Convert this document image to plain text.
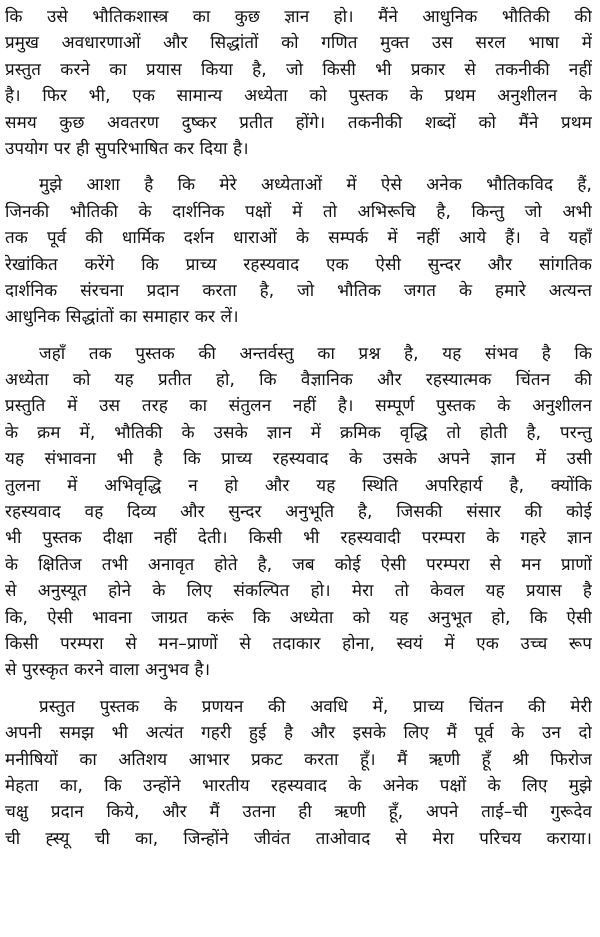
कि उसे भौतिकशास्त्र का कुछ ज्ञान हो। मैंने आधुनिक भौतिकी की
प्रमुख अवधारणाओं और सिद्धांतों को गणित मुक्त उस सरल भाषा में
प्रस्तुत करने का प्रयास किया है, जो किसी भी प्रकार से तकनीकी नहीं
है। फिर भी, एक सामान्य अध्येता को पुस्तक के प्रथम अनुशीलन के
समय कुछ अवतरण दुष्कर प्रतीत होंगे। तकनीकी शब्दों को मैंने प्रथम
उपयोग पर ही सुपरिभाषित कर दिया है।
मुझे आशा है कि मेरे अध्येताओं में ऐसे अनेक भौतिकविद हैं,
जिनकी भौतिकी के दार्शनिक पक्षों में तो अभिरूचि है, किन्तु जो अभी
तक पूर्व की धार्मिक दर्शन धाराओं के सम्पर्क में नहीं आये हैं। वे यहाँ
रेखांकित करेंगे कि प्राच्य रहस्यवाद एक ऐसी सुन्दर और सांगतिक
दार्शनिक संरचना प्रदान करता है, जो भौतिक जगत के हमारे अत्यन्त
आधुनिक सिद्धांतों का समाहार कर लें।
जहाँ तक पुस्तक की अन्तर्वस्तु का प्रश्न है, यह संभव है कि
अध्येता को यह प्रतीत हो, कि वैज्ञानिक और रहस्यात्मक चिंतन की
प्रस्तुति में उस तरह का संतुलन नहीं है। सम्पूर्ण पुस्तक के अनुशीलन
के क्रम में, भौतिकी के उसके ज्ञान में क्रमिक वृद्धि तो होती है, परन्तु
यह संभावना भी है कि प्राच्य रहस्यवाद के उसके अपने ज्ञान में उसी
तुलना में अभिवृद्धि न हो और यह स्थिति अपरिहार्य है, क्योंकि
रहस्यवाद वह दिव्य और सुन्दर अनुभूति है, जिसकी संसार की कोई
भी पुस्तक दीक्षा नहीं देती। किसी भी रहस्यवादी परम्परा के गहरे ज्ञान
के क्षितिज तभी अनावृत होते है, जब कोई ऐसी परम्परा से मन प्राणों
से अनुस्यूत होने के लिए संकल्पित हो। मेरा तो केवल यह प्रयास है
कि, ऐसी भावना जाग्रत करूं कि अध्येता को यह अनुभूत हो, कि ऐसी
किसी परम्परा से मन–प्राणों से तदाकार होना, स्वयं में एक उच्च रूप
से पुरस्कृत करने वाला अनुभव है।
प्रस्तुत पुस्तक के प्रणयन की अवधि में, प्राच्य चिंतन की मेरी
अपनी समझ भी अत्यंत गहरी हुई है और इसके लिए मैं पूर्व के उन दो
मनीषियों का अतिशय आभार प्रकट करता हूँ। मैं ऋणी हूँ श्री फिरोज
मेहता का, कि उन्होंने भारतीय रहस्यवाद के अनेक पक्षों के लिए मुझे
चक्षु प्रदान किये, और मैं उतना ही ऋणी हूँ, अपने ताई–ची गुरूदेव
ची ह्स्यू ची का, जिन्होंने जीवंत ताओवाद से मेरा परिचय कराया।
